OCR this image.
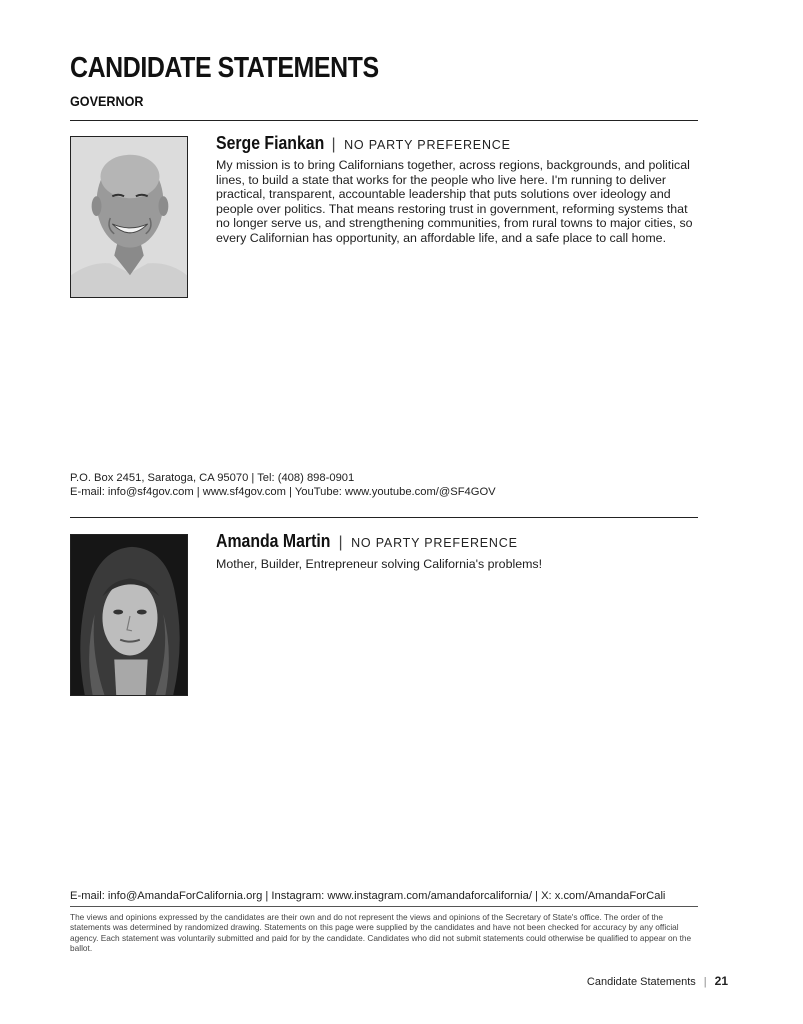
CANDIDATE STATEMENTS
GOVERNOR
Serge Fiankan | NO PARTY PREFERENCE

My mission is to bring Californians together, across regions, backgrounds, and political lines, to build a state that works for the people who live here. I'm running to deliver practical, transparent, accountable leadership that puts solutions over ideology and people over politics. That means restoring trust in government, reforming systems that no longer serve us, and strengthening communities, from rural towns to major cities, so every Californian has opportunity, an affordable life, and a safe place to call home.

P.O. Box 2451, Saratoga, CA 95070 | Tel: (408) 898-0901
E-mail: info@sf4gov.com | www.sf4gov.com | YouTube: www.youtube.com/@SF4GOV
Amanda Martin | NO PARTY PREFERENCE

Mother, Builder, Entrepreneur solving California's problems!

E-mail: info@AmandaForCalifornia.org | Instagram: www.instagram.com/amandaforcalifornia/ | X: x.com/AmandaForCali

The views and opinions expressed by the candidates are their own and do not represent the views and opinions of the Secretary of State's office. The order of the statements was determined by randomized drawing. Statements on this page were supplied by the candidates and have not been checked for accuracy by any official agency. Each statement was voluntarily submitted and paid for by the candidate. Candidates who did not submit statements could otherwise be qualified to appear on the ballot.

Candidate Statements | 21
